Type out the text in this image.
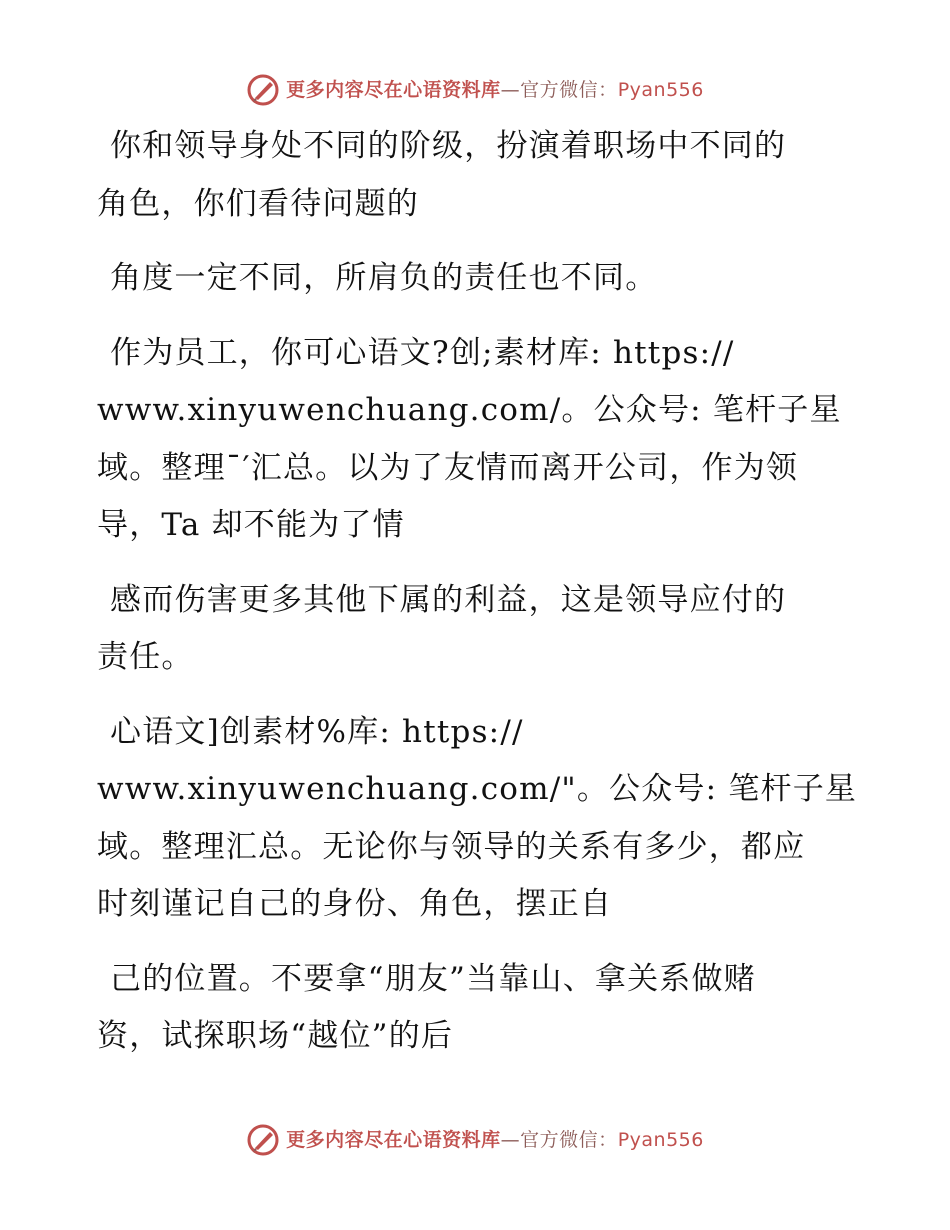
更多内容尽在心语资料库—官方微信：Pyan556

你和领导身处不同的阶级，扮演着职场中不同的
角色，你们看待问题的

角度一定不同，所肩负的责任也不同。

作为员工，你可心语文?创;素材库: https://
www.xinyuwenchuang.com/。公众号: 笔杆子星
域。整理¯′汇总。以为了友情而离开公司，作为领
导，Ta 却不能为了情

感而伤害更多其他下属的利益，这是领导应付的
责任。

心语文]创素材%库: https://
www.xinyuwenchuang.com/"。公众号: 笔杆子星
域。整理汇总。无论你与领导的关系有多少，都应
时刻谨记自己的身份、角色，摆正自

己的位置。不要拿“朋友”当靠山、拿关系做赌
资，试探职场“越位”的后

更多内容尽在心语资料库—官方微信：Pyan556
